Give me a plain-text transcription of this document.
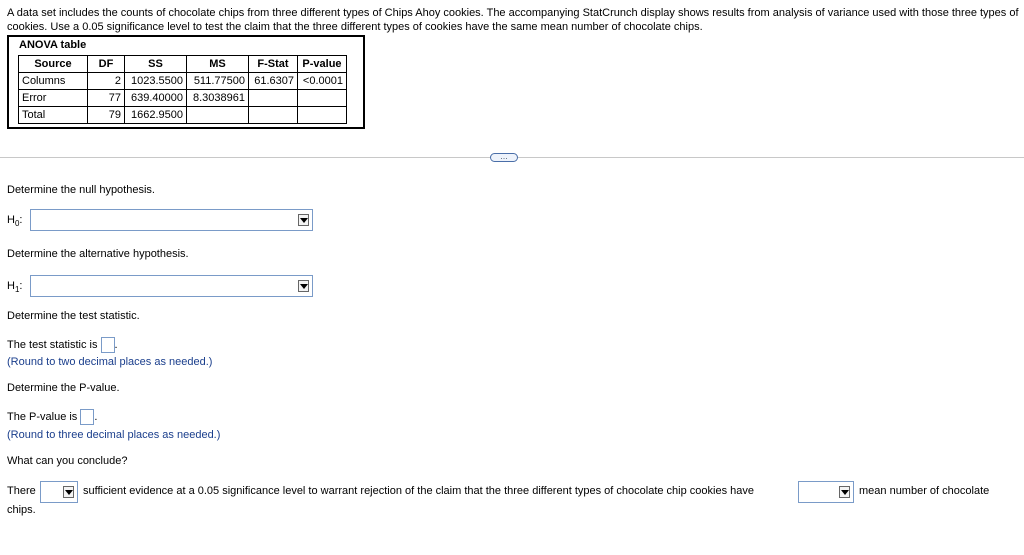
A data set includes the counts of chocolate chips from three different types of Chips Ahoy cookies. The accompanying StatCrunch display shows results from analysis of variance used with those three types of cookies. Use a 0.05 significance level to test the claim that the three different types of cookies have the same mean number of chocolate chips.
ANOVA table
Source	DF	SS	MS	F-Stat	P-value
Columns	2	1023.5500	511.77500	61.6307	<0.0001
Error	77	639.40000	8.3038961		
Total	79	1662.9500			
…
Determine the null hypothesis.
$H_0$:
Determine the alternative hypothesis.
$H_1$:
Determine the test statistic.
The test statistic is .
(Round to two decimal places as needed.)
Determine the P-value.
The P-value is .
(Round to three decimal places as needed.)
What can you conclude?
There	sufficient evidence at a 0.05 significance level to warrant rejection of the claim that the three different types of chocolate chip cookies have	mean number of chocolate
chips.
